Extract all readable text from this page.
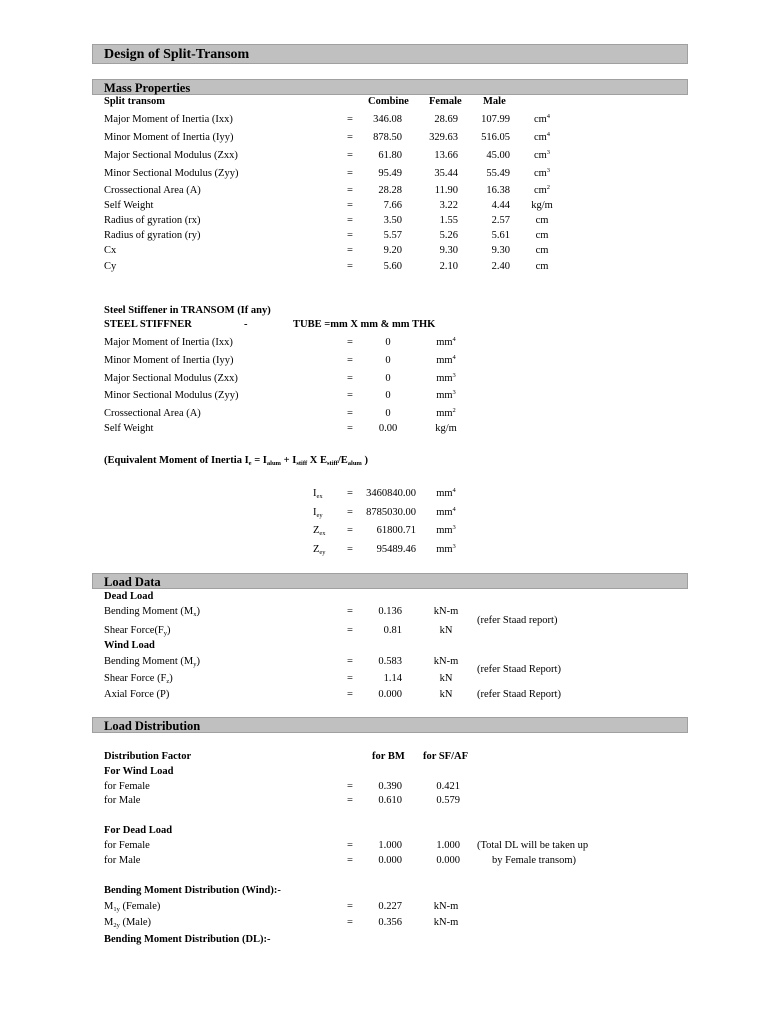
Design of Split-Transom
Mass Properties
Split transom	Combine Female Male
Major Moment of Inertia (Ixx)	=	346.08	28.69	107.99	$cm^4$
Minor Moment of Inertia (Iyy)	=	878.50	329.63	516.05	$cm^4$
Major Sectional Modulus (Zxx)	=	61.80	13.66	45.00	$cm^3$
Minor Sectional Modulus (Zyy)	=	95.49	35.44	55.49	$cm^3$
Crossectional Area (A)	=	28.28	11.90	16.38	$cm^2$
Self Weight	=	7.66	3.22	4.44	kg/m
Radius of gyration (rx)	=	3.50	1.55	2.57	cm
Radius of gyration (ry)	=	5.57	5.26	5.61	cm
Cx	=	9.20	9.30	9.30	cm
Cy	=	5.60	2.10	2.40	cm
Steel Stiffener in TRANSOM (If any)
STEEL STIFFNER	-	TUBE =mm X mm & mm THK
Major Moment of Inertia (Ixx)	=	0	$mm^4$
Minor Moment of Inertia (Iyy)	=	0	$mm^4$
Major Sectional Modulus (Zxx)	=	0	$mm^3$
Minor Sectional Modulus (Zyy)	=	0	$mm^3$
Crossectional Area (A)	=	0	$mm^2$
Self Weight	=	0.00	kg/m
(Equivalent Moment of Inertia $I_e = I_{alum} + I_{stiff}$ X $E_{stiff}/E_{alum}$ )
$I_{ex}$	=	3460840.00	$mm^4$
$I_{ey}$	=	8785030.00	$mm^4$
$Z_{ex}$	=	61800.71	$mm^3$
$Z_{ey}$	=	95489.46	$mm^3$
Load Data
Dead Load
Bending Moment $(M_x)$	=	0.136	kN-m
Shear $Force(F_y)$	=	0.81	kN
(refer Staad report)
Wind Load
Bending Moment $(M_y)$	=	0.583	kN-m
Shear Force $(F_z)$	=	1.14	kN
(refer Staad Report)
Axial Force (P)	=	0.000	kN	(refer Staad Report)
Load Distribution
Distribution Factor	for BM for SF/AF
For Wind Load
for Female	=	0.390	0.421
for Male	=	0.610	0.579
For Dead Load
for Female	=	1.000	1.000 (Total DL will be taken up
for Male	=	0.000	0.000	by Female transom)
Bending Moment Distribution (Wind):-
$M_{1y}$ (Female)	=	0.227	kN-m
$M_{2y}$ (Male)	=	0.356	kN-m
Bending Moment Distribution (DL):-
